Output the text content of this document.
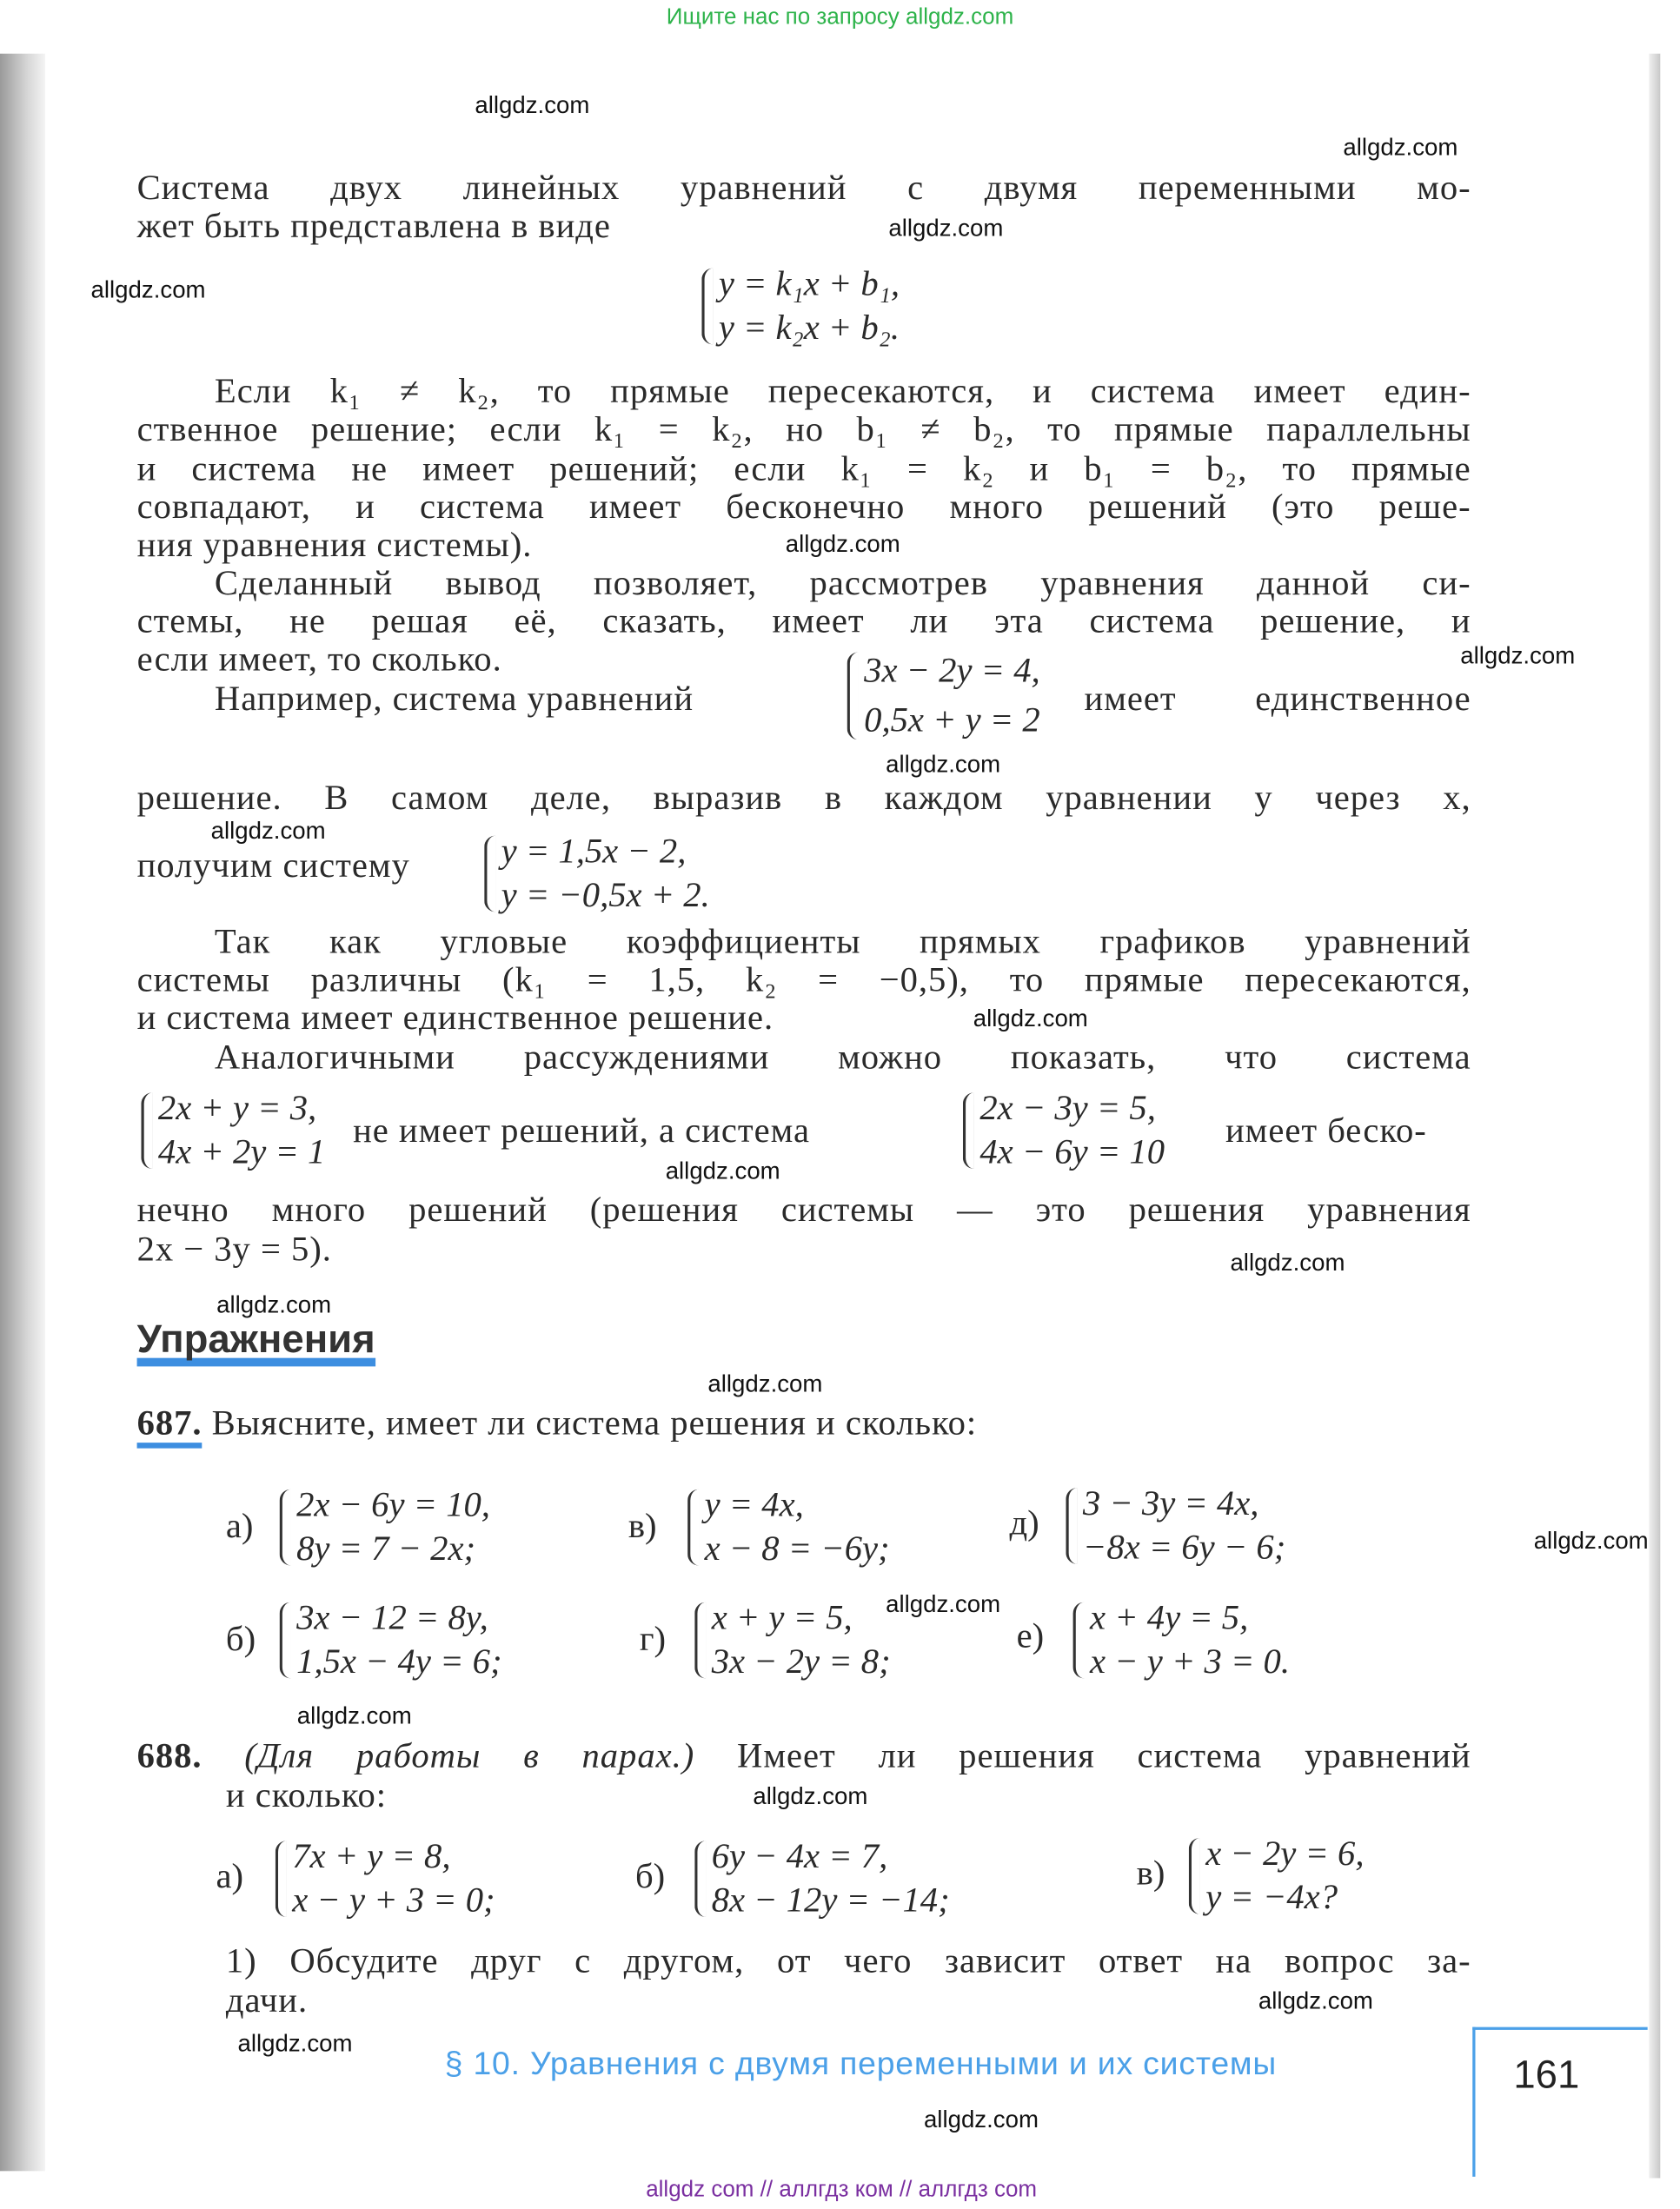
Ищите нас по запросу allgdz.com
Система двух линейных уравнений с двумя переменными мо-
жет быть представлена в виде
y = k₁x + b₁,
y = k₂x + b₂.
Если k₁ ≠ k₂, то прямые пересекаются, и система имеет един-
ственное решение; если k₁ = k₂, но b₁ ≠ b₂, то прямые параллельны
и система не имеет решений; если k₁ = k₂ и b₁ = b₂, то прямые
совпадают, и система имеет бесконечно много решений (это реше-
ния уравнения системы).
Сделанный вывод позволяет, рассмотрев уравнения данной си-
стемы, не решая её, сказать, имеет ли эта система решение, и
если имеет, то сколько.
Например, система уравнений
3x − 2y = 4,
0,5x + y = 2
имеет единственное
решение. В самом деле, выразив в каждом уравнении y через x,
получим систему	y = 1,5x − 2,
y = −0,5x + 2.
Так как угловые коэффициенты прямых графиков уравнений
системы различны (k₁ = 1,5, k₂ = −0,5), то прямые пересекаются,
и система имеет единственное решение.
Аналогичными рассуждениями можно показать, что система
2x + y = 3,
4x + 2y = 1
не имеет решений, а система
2x − 3y = 5,
4x − 6y = 10
имеет беско-
нечно много решений (решения системы — это решения уравнения
2x − 3y = 5).
Упражнения
687. Выясните, имеет ли система решения и сколько:
а)
2x − 6y = 10,
8y = 7 − 2x;
в)
y = 4x,
x − 8 = −6y;
д)
3 − 3y = 4x,
−8x = 6y − 6;
б)
3x − 12 = 8y,
1,5x − 4y = 6;
г)
x + y = 5,
3x − 2y = 8;
е) x + 4y = 5,
x − y + 3 = 0.
688. (Для работы в парах.) Имеет ли решения система уравнений
и сколько:
а)
7x + y = 8,
x − y + 3 = 0;
б)
6y − 4x = 7,
8x − 12y = −14;
в)
x − 2y = 6,
y = −4x?
1) Обсудите друг с другом, от чего зависит ответ на вопрос за-
дачи.
§ 10. Уравнения с двумя переменными и их системы	161
allgdz.com
allgdz.com
allgdz.com
allgdz.com
allgdz.com
allgdz.com
allgdz.com
allgdz.com
allgdz.com
allgdz.com
allgdz.com
allgdz.com
allgdz.com
allgdz.com
allgdz.com
allgdz.com
allgdz.com
allgdz.com
allgdz.com
allgdz.com
allgdz com // аллгдз ком // аллгдз com
